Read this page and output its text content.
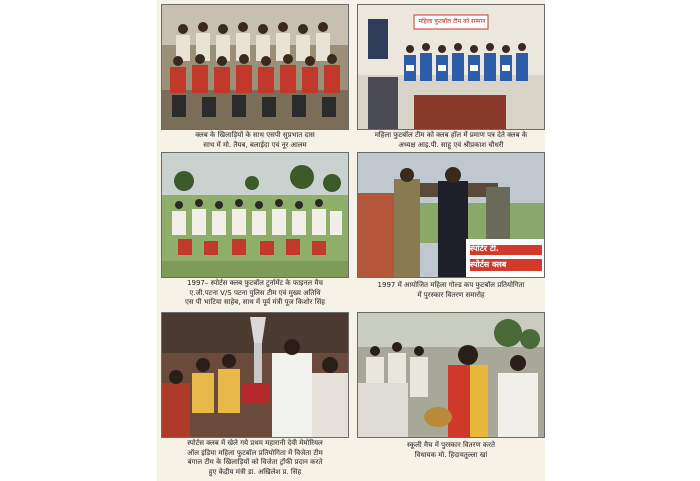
क्लब के खिलाड़ियों के साथ एसपी सुप्रभात दास
साथ में मो. तैयब, बलाईदा एवं नूर आलम
महिला फुटबॉल टीम को सम्मान
महिला फुटबॉल टीम को क्लब हॉल में प्रमाण पत्र देते क्लब के
अध्यक्ष आइ.पी. साहू एवं श्रीप्रकाश चौधरी
1997– स्पोर्टस क्लब फुटबॉल टुर्नामेंट के फाइनल मैच
ए.जी.पटना V/S पटना पुलिस टीम एवं मुख्य अतिथि
एस पी भाटिया साहेब, साथ में पूर्व मंत्री पूज किशोर सिंह
स्पोर्टर टी.
स्पोर्टस क्लब
1997 में आयोजित महिला गोल्ड कप फुटबॉल प्रतियोगिता
में पुरस्कार वितरण समारोह
स्पोर्टस क्लब में खेले गये प्रथम महारानी देवी मेमोरियल
ऑल इंडिया महिला फुटबॉल प्रतियोगिता में विजेता टीम
बंगाल टीम के खिलाड़ियों को विजेता ट्रॉफी प्रदान करते
हुए केंद्रीय मंत्री डा. अखिलेश प्र. सिंह
स्कूली मैच में पुरस्कार वितरण करते
विधायक मो. हिदायतुल्ला खां
